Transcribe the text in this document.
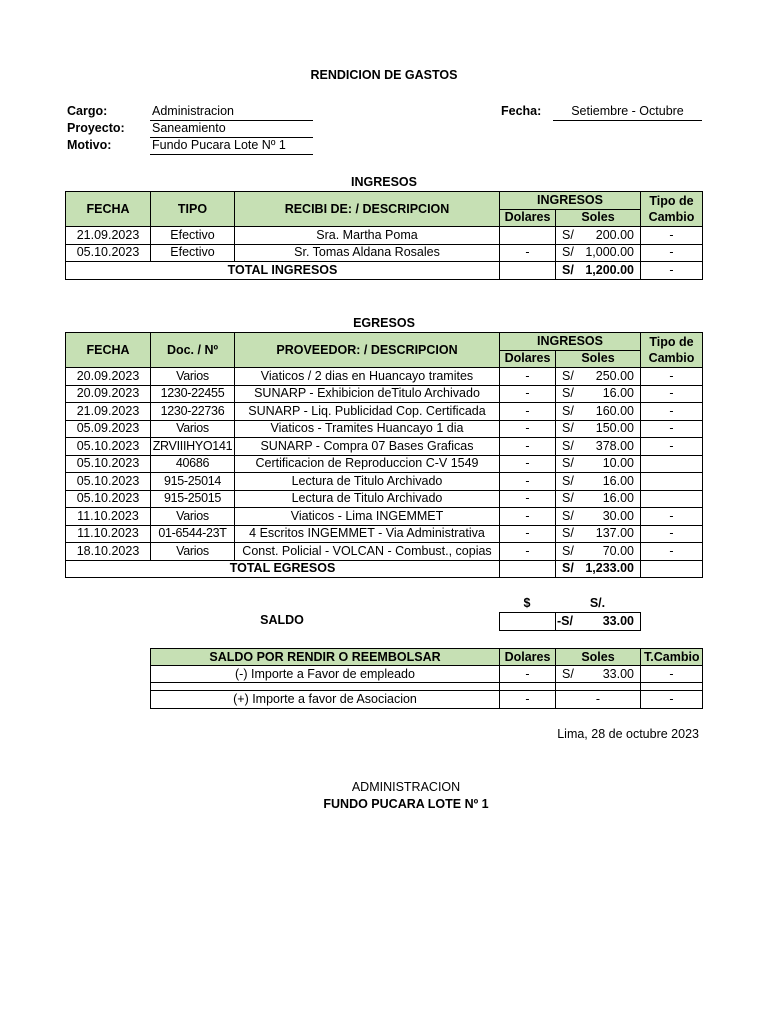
RENDICION DE GASTOS
Cargo:	Administracion
Proyecto: Saneamiento
Motivo:	Fundo Pucara Lote Nº 1
Fecha:	Setiembre - Octubre
INGRESOS
FECHA	TIPO	RECIBI DE: / DESCRIPCION	INGRESOS		Tipo de Cambio
			Dolares	Soles	
21.09.2023	Efectivo	Sra. Martha Poma		S/ 200.00	-
05.10.2023	Efectivo	Sr. Tomas Aldana Rosales	-	S/ 1,000.00	-
TOTAL INGRESOS				S/ 1,200.00	-
EGRESOS
FECHA	Doc. / Nº	PROVEEDOR: / DESCRIPCION	INGRESOS		Tipo de Cambio
			Dolares	Soles	
20.09.2023	Varios	Viaticos / 2 dias en Huancayo tramites	-	S/ 250.00	-
20.09.2023	1230-22455	SUNARP - Exhibicion deTitulo Archivado	-	S/ 16.00	-
21.09.2023	1230-22736	SUNARP - Liq. Publicidad Cop. Certificada	-	S/ 160.00	-
05.09.2023	Varios	Viaticos - Tramites Huancayo 1 dia	-	S/ 150.00	-
05.10.2023	ZRVIIIHYO141	SUNARP - Compra 07 Bases Graficas	-	S/ 378.00	-
05.10.2023	40686	Certificacion de Reproduccion C-V 1549	-	S/ 10.00	

05.10.2023	915-25014	Lectura de Titulo Archivado	-	S/ 16.00	

05.10.2023	915-25015	Lectura de Titulo Archivado	-	S/ 16.00	

11.10.2023	Varios	Viaticos - Lima INGEMMET	-	S/ 30.00	-
11.10.2023	01-6544-23T	4 Escritos INGEMMET - Via Administrativa	-	S/ 137.00	-
18.10.2023	Varios	Const. Policial - VOLCAN - Combust., copias	-	S/ 70.00	-
TOTAL EGRESOS				S/ 1,233.00	

$	S/.
SALDO
		-S/ 33.00
SALDO POR RENDIR O REEMBOLSAR	Dolares	Soles	T.Cambio
(-) Importe a Favor de empleado	-	S/ 33.00	-

(+) Importe a favor de Asociacion	-	-	-
Lima, 28 de octubre 2023
ADMINISTRACION
FUNDO PUCARA LOTE Nº 1
